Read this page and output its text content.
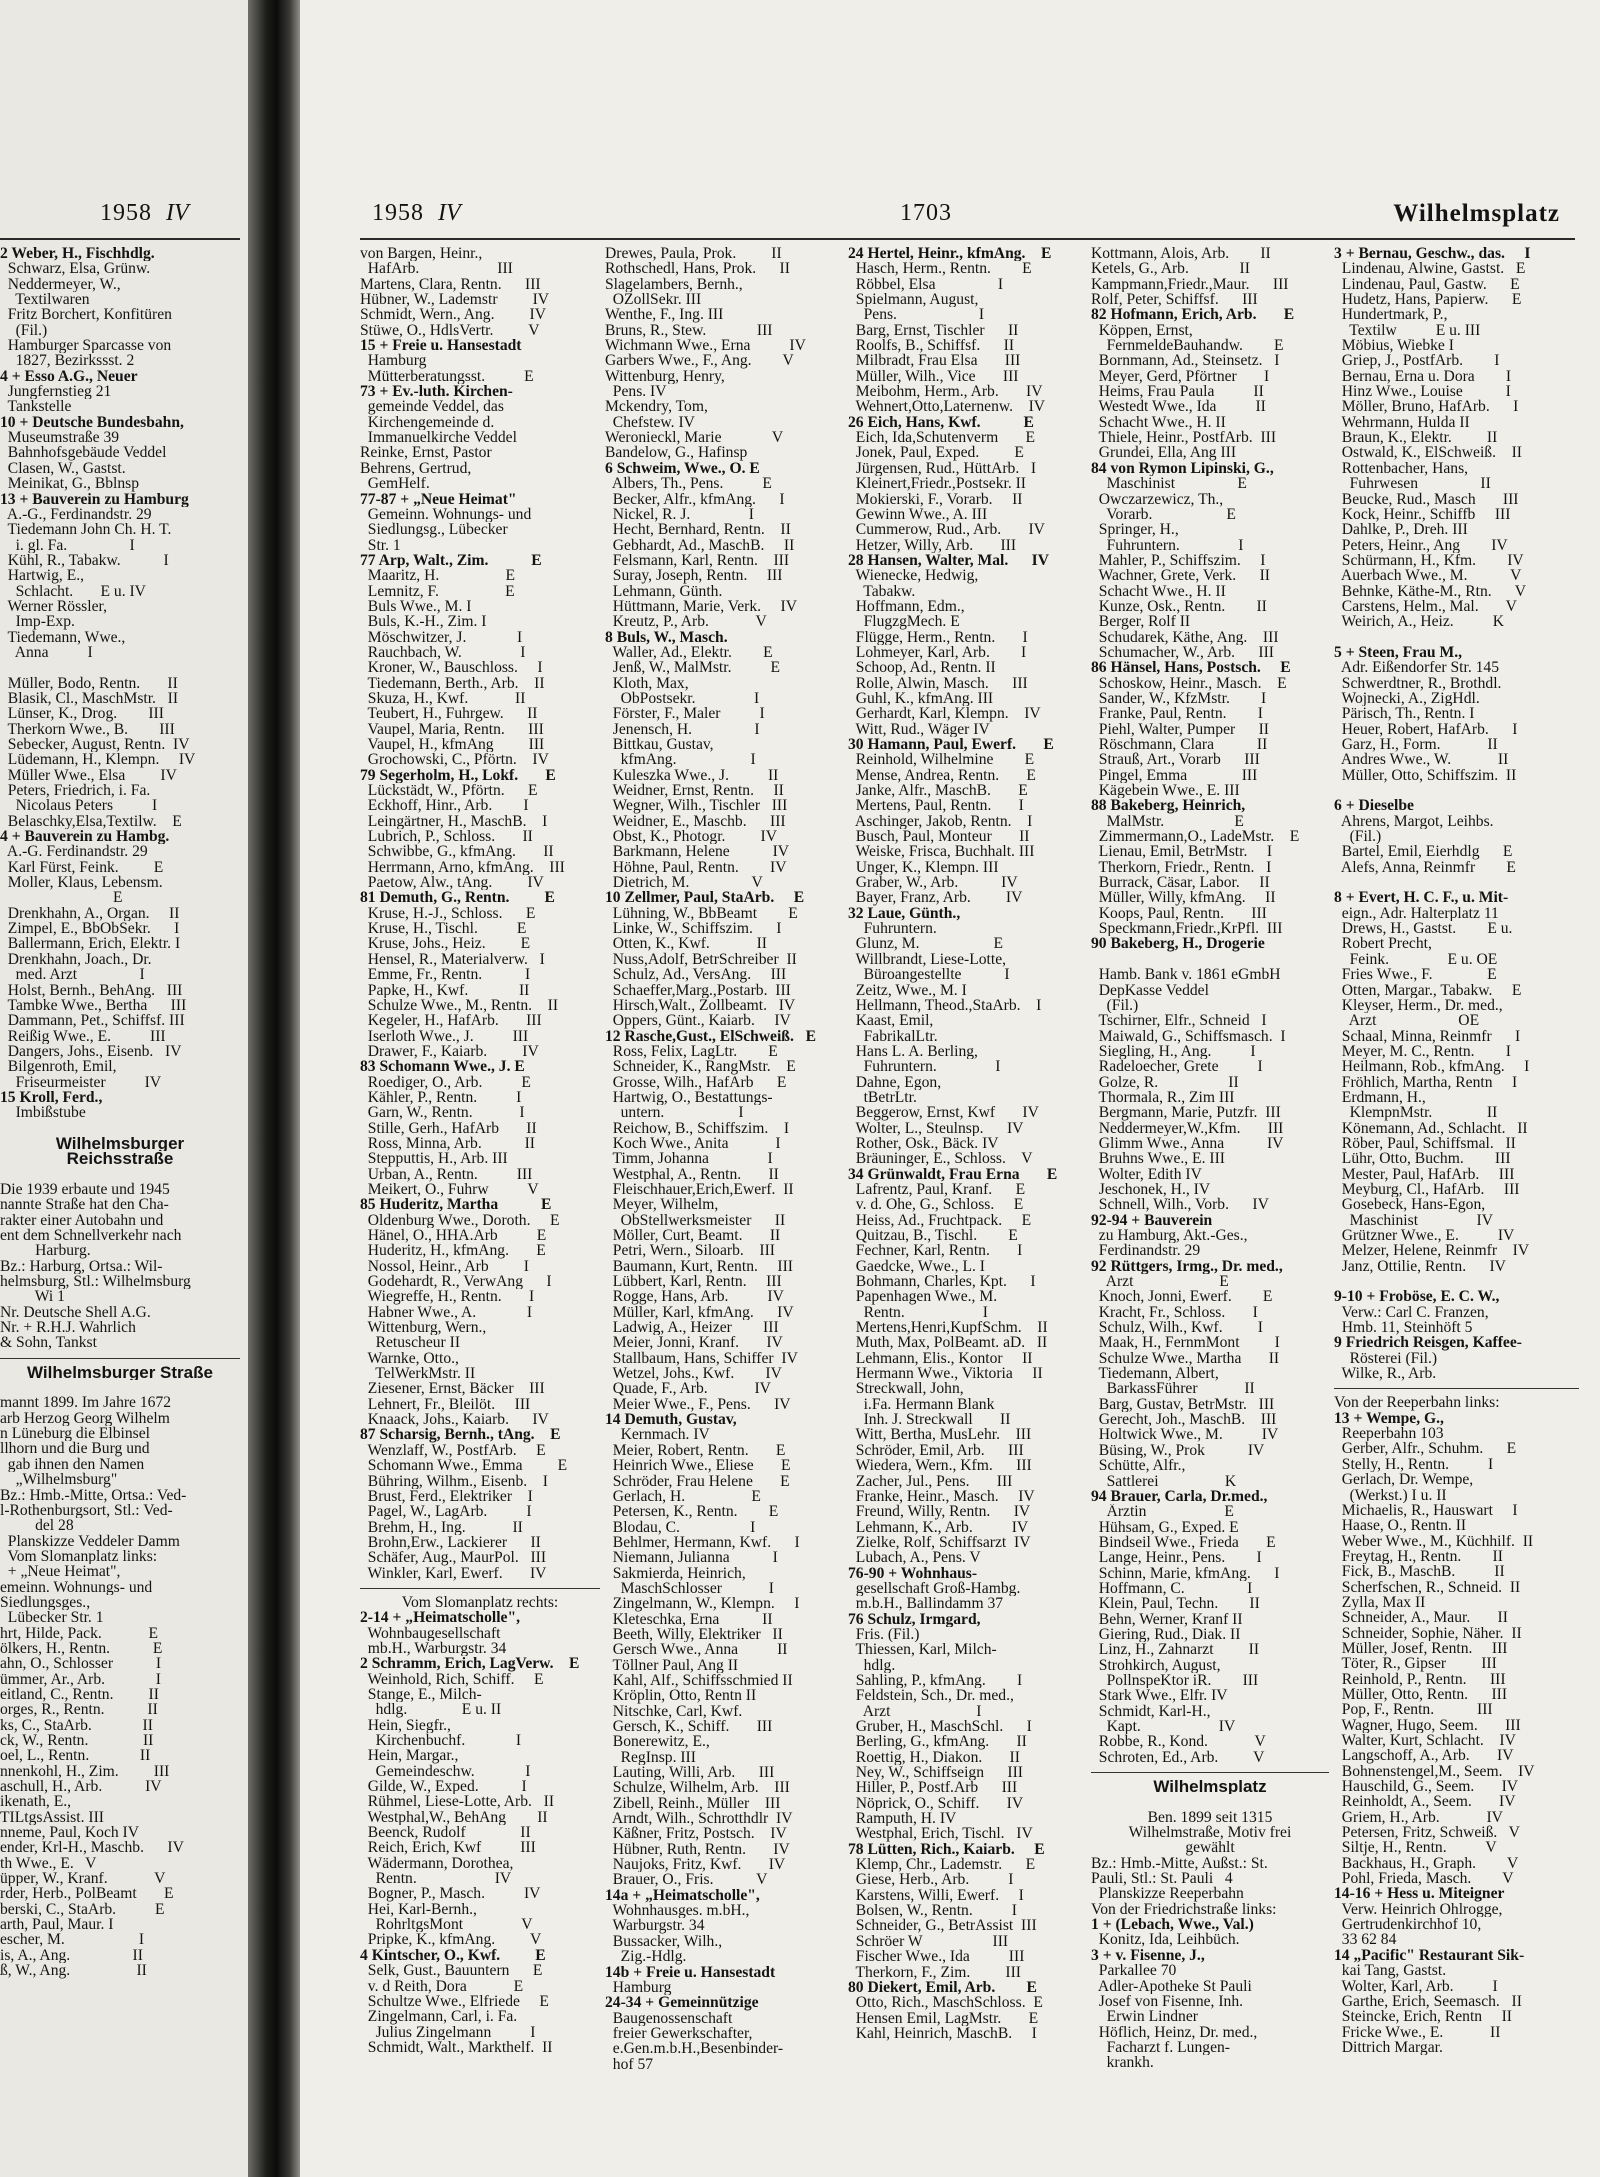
1958 IV
2 Weber, H., Fischhdlg.
Schwarz, Elsa, Grünw.
Neddermeyer, W.,
Textilwaren
Fritz Borchert, Konfitüren
(Fil.)
Hamburger Sparcasse von
1827, Bezirkssst. 2
4 + Esso A.G., Neuer
Jungfernstieg 21
Tankstelle
10 + Deutsche Bundesbahn,
Museumstraße 39
Bahnhofsgebäude Veddel
Clasen, W., Gastst.
Meinikat, G., Bblnsp
13 + Bauverein zu Hamburg
A.-G., Ferdinandstr. 29
Tiedemann John Ch. H. T.
i. gl. Fa.                I
Kühl, R., Tabakw.           I
Hartwig, E.,
Schlacht.       E u. IV
Werner Rössler,
Imp-Exp.
Tiedemann, Wwe.,
Anna          I
Müller, Bodo, Rentn.       II
Blasik, Cl., MaschMstr.   II
Lünser, K., Drog.        III
Therkorn Wwe., B.        III
Sebecker, August, Rentn.  IV
Lüdemann, H., Klempn.     IV
Müller Wwe., Elsa         IV
Peters, Friedrich, i. Fa.
Nicolaus Peters          I
Belaschky,Elsa,Textilw.    E
4 + Bauverein zu Hambg.
A.-G. Ferdinandstr. 29
Karl Fürst, Feink.         E
Moller, Klaus, Lebensm.
E
Drenkhahn, A., Organ.     II
Zimpel, E., BbObSekr.      I
Ballermann, Erich, Elektr. I
Drenkhahn, Joach., Dr.
med. Arzt                I
Holst, Bernh., BehAng.   III
Tambke Wwe., Bertha      III
Dammann, Pet., Schiffsf. III
Reißig Wwe., E.          III
Dangers, Johs., Eisenb.   IV
Bilgenroth, Emil,
Friseurmeister          IV
15 Kroll, Ferd.,
Imbißstube
Wilhelmsburger
Reichsstraße
Die 1939 erbaute und 1945
nannte Straße hat den Cha-
rakter einer Autobahn und
ent dem Schnellverkehr nach
Harburg.
Bz.: Harburg, Ortsa.: Wil-
helmsburg, Stl.: Wilhelmsburg
Wi 1
Nr. Deutsche Shell A.G.
Nr. + R.H.J. Wahrlich
& Sohn, Tankst
Wilhelmsburger Straße
mannt 1899. Im Jahre 1672
arb Herzog Georg Wilhelm
n Lüneburg die Elbinsel
llhorn und die Burg und
gab ihnen den Namen
„Wilhelmsburg"
Bz.: Hmb.-Mitte, Ortsa.: Ved-
l-Rothenburgsort, Stl.: Ved-
del 28
Planskizze Veddeler Damm
Vom Slomanplatz links:
+ „Neue Heimat",
emeinn. Wohnungs- und
Siedlungsges.,
Lübecker Str. 1
hrt, Hilde, Pack.            E
ölkers, H., Rentn.           E
ahn, O., Schlosser           I
ümmer, Ar., Arb.             I
eitland, C., Rentn.         II
orges, R., Rentn.           II
ks, C., StaArb.             II
ck, W., Rentn.              II
oel, L., Rentn.             II
nnenkohl, H., Zim.         III
aschull, H., Arb.           IV
ikenath, E.,
TILtgsAssist. III
nneme, Paul, Koch IV
ender, Krl-H., Maschb.      IV
th Wwe., E.   V
üpper, W., Kranf.            V
rder, Herb., PolBeamt       E
berski, C., StaArb.          E
arth, Paul, Maur. I
escher, M.                   I
is, A., Ang.                II
ß, W., Ang.                 II
1958 IV	1703	Wilhelmsplatz
von Bargen, Heinr.,
HafArb.                    III
Martens, Clara, Rentn.      III
Hübner, W., Lademstr         IV
Schmidt, Wern., Ang.         IV
Stüwe, O., HdlsVertr.         V
15 + Freie u. Hansestadt
Hamburg
Mütterberatungsst.          E
73 + Ev.-luth. Kirchen-
gemeinde Veddel, das
Kirchengemeinde d.
Immanuelkirche Veddel
Reinke, Ernst, Pastor
Behrens, Gertrud,
GemHelf.
77-87 + „Neue Heimat"
Gemeinn. Wohnungs- und
Siedlungsg., Lübecker
Str. 1
77 Arp, Walt., Zim.           E
Maaritz, H.                 E
Lemnitz, F.                 E
Buls Wwe., M. I
Buls, K.-H., Zim. I
Möschwitzer, J.             I
Rauchbach, W.               I
Kroner, W., Bauschloss.     I
Tiedemann, Berth., Arb.    II
Skuza, H., Kwf.            II
Teubert, H., Fuhrgew.      II
Vaupel, Maria, Rentn.      III
Vaupel, H., kfmAng         III
Grochowski, C., Pförtn.    IV
79 Segerholm, H., Lokf.       E
Lückstädt, W., Pförtn.      E
Eckhoff, Hinr., Arb.        I
Leingärtner, H., MaschB.    I
Lubrich, P., Schloss.       II
Schwibbe, G., kfmAng.       II
Herrmann, Arno, kfmAng.    III
Paetow, Alw., tAng.         IV
81 Demuth, G., Rentn.         E
Kruse, H.-J., Schloss.      E
Kruse, H., Tischl.          E
Kruse, Johs., Heiz.         E
Hensel, R., Materialverw.   I
Emme, Fr., Rentn.           I
Papke, H., Kwf.             II
Schulze Wwe., M., Rentn.    II
Kegeler, H., HafArb.       III
Iserloth Wwe., J.          III
Drawer, F., Kaiarb.         IV
83 Schomann Wwe., J. E
Roediger, O., Arb.          E
Kähler, P., Rentn.          I
Garn, W., Rentn.            I
Stille, Gerh., HafArb       II
Ross, Minna, Arb.           II
Stepputtis, H., Arb. III
Urban, A., Rentn.          III
Meikert, O., Fuhrw          V
85 Huderitz, Martha           E
Oldenburg Wwe., Doroth.     E
Hänel, O., HHA.Arb          E
Huderitz, H., kfmAng.       E
Nossol, Heinr., Arb         I
Godehardt, R., VerwAng      I
Wiegreffe, H., Rentn.       I
Habner Wwe., A.             I
Wittenburg, Wern.,
Retuscheur II
Warnke, Otto.,
TelWerkMstr. II
Ziesener, Ernst, Bäcker    III
Lehnert, Fr., Bleilöt.     III
Knaack, Johs., Kaiarb.      IV
87 Scharsig, Bernh., tAng.    E
Wenzlaff, W., PostfArb.     E
Schomann Wwe., Emma         E
Bühring, Wilhm., Eisenb.    I
Brust, Ferd., Elektriker    I
Pagel, W., LagArb.          I
Brehm, H., Ing.            II
Brohn,Erw., Lackierer      II
Schäfer, Aug., MaurPol.   III
Winkler, Karl, Ewerf.       IV
Vom Slomanplatz rechts:
2-14 + „Heimatscholle",
Wohnbaugesellschaft
mb.H., Warburgstr. 34
2 Schramm, Erich, LagVerw.    E
Weinhold, Rich, Schiff.     E
Stange, E., Milch-
hdlg.              E u. II
Hein, Siegfr.,
Kirchenbuchf.             I
Hein, Margar.,
Gemeindeschw.             I
Gilde, W., Exped.           I
Rühmel, Liese-Lotte, Arb.   II
Westphal,W., BehAng        II
Beenck, Rudolf              II
Reich, Erich, Kwf          III
Wädermann, Dorothea,
Rentn.                    IV
Bogner, P., Masch.          IV
Hei, Karl-Bernh.,
RohrltgsMont               V
Pripke, K., kfmAng.         V
4 Kintscher, O., Kwf.         E
Selk, Gust., Bauuntern      E
v. d Reith, Dora            E
Schultze Wwe., Elfriede     E
Zingelmann, Carl, i. Fa.
Julius Zingelmann          I
Schmidt, Walt., Markthelf.  II
Drewes, Paula, Prok.         II
Rothschedl, Hans, Prok.      II
Slagelambers, Bernh.,
OZollSekr. III
Wenthe, F., Ing. III
Bruns, R., Stew.             III
Wichmann Wwe., Erna          IV
Garbers Wwe., F., Ang.        V
Wittenburg, Henry,
Pens. IV
Mckendry, Tom,
Chefstew. IV
Weronieckl, Marie             V
Bandelow, G., Hafinsp
6 Schweim, Wwe., O. E
Albers, Th., Pens.          E
Becker, Alfr., kfmAng.      I
Nickel, R. J.               I
Hecht, Bernhard, Rentn.    II
Gebhardt, Ad., MaschB.     II
Felsmann, Karl, Rentn.    III
Suray, Joseph, Rentn.     III
Lehmann, Günth.
Hüttmann, Marie, Verk.     IV
Kreutz, P., Arb.            V
8 Buls, W., Masch.
Waller, Ad., Elektr.        E
Jenß, W., MalMstr.          E
Kloth, Max,
ObPostsekr.               I
Förster, F., Maler          I
Jenensch, H.                I
Bittkau, Gustav,
kfmAng.                   I
Kuleszka Wwe., J.          II
Weidner, Ernst, Rentn.     II
Wegner, Wilh., Tischler   III
Weidner, E., Maschb.      III
Obst, K., Photogr.         IV
Barkmann, Helene           IV
Höhne, Paul, Rentn.        IV
Dietrich, M.                V
10 Zellmer, Paul, StaArb.     E
Lühning, W., BbBeamt        E
Linke, W., Schiffszim.      I
Otten, K., Kwf.            II
Nuss,Adolf, BetrSchreiber  II
Schulz, Ad., VersAng.     III
Schaeffer,Marg.,Postarb.  III
Hirsch,Walt., Zollbeamt.   IV
Oppers, Günt., Kaiarb.     IV
12 Rasche,Gust., ElSchweiß.   E
Ross, Felix, LagLtr.        E
Schneider, K., RangMstr.    E
Grosse, Wilh., HafArb      E
Hartwig, O., Bestattungs-
untern.                   I
Reichow, B., Schiffszim.    I
Koch Wwe., Anita            I
Timm, Johanna               I
Westphal, A., Rentn.       II
Fleischhauer,Erich,Ewerf.  II
Meyer, Wilhelm,
ObStellwerksmeister      II
Möller, Curt, Beamt.       II
Petri, Wern., Siloarb.    III
Baumann, Kurt, Rentn.     III
Lübbert, Karl, Rentn.     III
Rogge, Hans, Arb.          IV
Müller, Karl, kfmAng.      IV
Ladwig, A., Heizer        III
Meier, Jonni, Kranf.       IV
Stallbaum, Hans, Schiffer  IV
Wetzel, Johs., Kwf.        IV
Quade, F., Arb.            IV
Meier Wwe., F., Pens.      IV
14 Demuth, Gustav,
Kernmach. IV
Meier, Robert, Rentn.       E
Heinrich Wwe., Eliese       E
Schröder, Frau Helene       E
Gerlach, H.                 E
Petersen, K., Rentn.        E
Blodau, C.                  I
Behlmer, Hermann, Kwf.      I
Niemann, Julianna           I
Sakmierda, Heinrich,
MaschSchlosser            I
Zingelmann, W., Klempn.     I
Kleteschka, Erna           II
Beeth, Willy, Elektriker   II
Gersch Wwe., Anna          II
Töllner Paul, Ang II
Kahl, Alf., Schiffsschmied II
Kröplin, Otto, Rentn II
Nitschke, Carl, Kwf.
Gersch, K., Schiff.       III
Bonerewitz, E.,
RegInsp. III
Lauting, Willi, Arb.      III
Schulze, Wilhelm, Arb.    III
Zibell, Reinh., Müller    III
Arndt, Wilh., Schrotthdlr  IV
Käßner, Fritz, Postsch.    IV
Hübner, Ruth, Rentn.       IV
Naujoks, Fritz, Kwf.       IV
Brauer, O., Fris.           V
14a + „Heimatscholle",
Wohnhausges. m.bH.,
Warburgstr. 34
Bussacker, Wilh.,
Zig.-Hdlg.
14b + Freie u. Hansestadt
Hamburg
24-34 + Gemeinnützige
Baugenossenschaft
freier Gewerkschafter,
e.Gen.m.b.H.,Besenbinder-
hof 57
24 Hertel, Heinr., kfmAng.    E
Hasch, Herm., Rentn.        E
Röbbel, Elsa                I
Spielmann, August,
Pens.                     I
Barg, Ernst, Tischler      II
Roolfs, B., Schiffsf.      II
Milbradt, Frau Elsa       III
Müller, Wilh., Vice       III
Meibohm, Herm., Arb.       IV
Wehnert,Otto,Laternenw.    IV
26 Eich, Hans, Kwf.           E
Eich, Ida,Schutenverm       E
Jonek, Paul, Exped.         E
Jürgensen, Rud., HüttArb.   I
Kleinert,Friedr.,Postsekr. II
Mokierski, F., Vorarb.     II
Gewinn Wwe., A. III
Cummerow, Rud., Arb.       IV
Hetzer, Willy, Arb.       III
28 Hansen, Walter, Mal.      IV
Wienecke, Hedwig,
Tabakw.
Hoffmann, Edm.,
FlugzgMech. E
Flügge, Herm., Rentn.       I
Lohmeyer, Karl, Arb.        I
Schoop, Ad., Rentn. II
Rolle, Alwin, Masch.      III
Guhl, K., kfmAng. III
Gerhardt, Karl, Klempn.    IV
Witt, Rud., Wäger IV
30 Hamann, Paul, Ewerf.       E
Reinhold, Wilhelmine        E
Mense, Andrea, Rentn.       E
Janke, Alfr., MaschB.       E
Mertens, Paul, Rentn.       I
Aschinger, Jakob, Rentn.    I
Busch, Paul, Monteur       II
Weiske, Frisca, Buchhalt. III
Unger, K., Klempn. III
Graber, W., Arb.           IV
Bayer, Franz, Arb.         IV
32 Laue, Günth.,
Fuhruntern.
Glunz, M.                   E
Willbrandt, Liese-Lotte,
Büroangestellte           I
Zeitz, Wwe., M. I
Hellmann, Theod.,StaArb.    I
Kaast, Emil,
FabrikalLtr.
Hans L. A. Berling,
Fuhruntern.               I
Dahne, Egon,
tBetrLtr.
Beggerow, Ernst, Kwf       IV
Wolter, L., Steulnsp.      IV
Rother, Osk., Bäck. IV
Bräuninger, E., Schloss.    V
34 Grünwaldt, Frau Erna       E
Lafrentz, Paul, Kranf.      E
v. d. Ohe, G., Schloss.     E
Heiss, Ad., Fruchtpack.     E
Quitzau, B., Tischl.        E
Fechner, Karl, Rentn.       I
Gaedcke, Wwe., L. I
Bohmann, Charles, Kpt.      I
Papenhagen Wwe., M.
Rentn.                    I
Mertens,Henri,KupfSchm.    II
Muth, Max, PolBeamt. aD.   II
Lehmann, Elis., Kontor     II
Hermann Wwe., Viktoria     II
Streckwall, John,
i.Fa. Hermann Blank
Inh. J. Streckwall       II
Witt, Bertha, MusLehr.    III
Schröder, Emil, Arb.      III
Wiedera, Wern., Kfm.      III
Zacher, Jul., Pens.       III
Franke, Heinr., Masch.     IV
Freund, Willy, Rentn.      IV
Lehmann, K., Arb.          IV
Zielke, Rolf, Schiffsarzt  IV
Lubach, A., Pens. V
76-90 + Wohnhaus-
gesellschaft Groß-Hambg.
m.b.H., Ballindamm 37
76 Schulz, Irmgard,
Fris. (Fil.)
Thiessen, Karl, Milch-
hdlg.
Sahling, P., kfmAng.        I
Feldstein, Sch., Dr. med.,
Arzt                      I
Gruber, H., MaschSchl.      I
Berling, G., kfmAng.       II
Roettig, H., Diakon.       II
Ney, W., Schiffseign      III
Hiller, P., Postf.Arb      III
Nöprick, O., Schiff.       IV
Ramputh, H. IV
Westphal, Erich, Tischl.   IV
78 Lütten, Rich., Kaiarb.     E
Klemp, Chr., Lademstr.      E
Giese, Herb., Arb.          I
Karstens, Willi, Ewerf.     I
Bolsen, W., Rentn.          I
Schneider, G., BetrAssist  III
Schröer W                  III
Fischer Wwe., Ida          III
Therkorn, F., Zim.         III
80 Diekert, Emil, Arb.        E
Otto, Rich., MaschSchloss.  E
Hensen Emil, LagMstr.       E
Kahl, Heinrich, MaschB.     I
Kottmann, Alois, Arb.        II
Ketels, G., Arb.             II
Kampmann,Friedr.,Maur.      III
Rolf, Peter, Schiffsf.      III
82 Hofmann, Erich, Arb.       E
Köppen, Ernst,
FernmeldeBauhandw.        E
Bornmann, Ad., Steinsetz.   I
Meyer, Gerd, Pförtner       I
Heims, Frau Paula          II
Westedt Wwe., Ida          II
Schacht Wwe., H. II
Thiele, Heinr., PostfArb.  III
Grundei, Ella, Ang III
84 von Rymon Lipinski, G.,
Maschinist                E
Owczarzewicz, Th.,
Vorarb.                   E
Springer, H.,
Fuhruntern.               I
Mahler, P., Schiffszim.     I
Wachner, Grete, Verk.      II
Schacht Wwe., H. II
Kunze, Osk., Rentn.        II
Berger, Rolf II
Schudarek, Käthe, Ang.    III
Schumacher, W., Arb.      III
86 Hänsel, Hans, Postsch.     E
Schoskow, Heinr., Masch.    E
Sander, W., KfzMstr.        I
Franke, Paul, Rentn.        I
Piehl, Walter, Pumper      II
Röschmann, Clara           II
Strauß, Art., Vorarb      III
Pingel, Emma              III
Kägebein Wwe., E. III
88 Bakeberg, Heinrich,
MalMstr.                  E
Zimmermann,O., LadeMstr.    E
Lienau, Emil, BetrMstr.     I
Therkorn, Friedr., Rentn.   I
Burrack, Cäsar, Labor.     II
Müller, Willy, kfmAng.     II
Koops, Paul, Rentn.       III
Speckmann,Friedr.,KrPfl.  III
90 Bakeberg, H., Drogerie
Hamb. Bank v. 1861 eGmbH
DepKasse Veddel
(Fil.)
Tschirner, Elfr., Schneid   I
Maiwald, G., Schiffsmasch.  I
Siegling, H., Ang.          I
Radeloecher, Grete          I
Golze, R.                  II
Thormala, R., Zim III
Bergmann, Marie, Putzfr.  III
Neddermeyer,W.,Kfm.       III
Glimm Wwe., Anna           IV
Bruhns Wwe., E. III
Wolter, Edith IV
Jeschonek, H., IV
Schnell, Wilh., Vorb.      IV
92-94 + Bauverein
zu Hamburg, Akt.-Ges.,
Ferdinandstr. 29
92 Rüttgers, Irmg., Dr. med.,
Arzt                      E
Knoch, Jonni, Ewerf.        E
Kracht, Fr., Schloss.       I
Schulz, Wilh., Kwf.         I
Maak, H., FernmMont         I
Schulze Wwe., Martha       II
Tiedemann, Albert,
BarkassFührer            II
Barg, Gustav, BetrMstr.   III
Gerecht, Joh., MaschB.    III
Holtwick Wwe., M.          IV
Büsing, W., Prok           IV
Schütte, Alfr.,
Sattlerei                 K
94 Brauer, Carla, Dr.med.,
Ärztin                    E
Hühsam, G., Exped. E
Bindseil Wwe., Frieda       E
Lange, Heinr., Pens.        I
Schinn, Marie, kfmAng.      I
Hoffmann, C.                I
Klein, Paul, Techn.        II
Behn, Werner, Kranf II
Giering, Rud., Diak. II
Linz, H., Zahnarzt         II
Strohkirch, August,
PollnspeKtor iR.        III
Stark Wwe., Elfr. IV
Schmidt, Karl-H.,
Kapt.                    IV
Robbe, R., Kond.            V
Schroten, Ed., Arb.         V
Wilhelmsplatz
Ben. 1899 seit 1315
Wilhelmstraße, Motiv frei
gewählt
Bz.: Hmb.-Mitte, Außst.: St.
Pauli, Stl.: St. Pauli   4
Planskizze Reeperbahn
Von der Friedrichstraße links:
1 + (Lebach, Wwe., Val.)
Konitz, Ida, Leihbüch.
3 + v. Fisenne, J.,
Parkallee 70
Adler-Apotheke St Pauli
Josef von Fisenne, Inh.
Erwin Lindner
Höflich, Heinz, Dr. med.,
Facharzt f. Lungen-
krankh.
3 + Bernau, Geschw., das.     I
Lindenau, Alwine, Gastst.   E
Lindenau, Paul, Gastw.      E
Hudetz, Hans, Papierw.      E
Hundertmark, P.,
Textilw          E u. III
Möbius, Wiebke I
Griep, J., PostfArb.        I
Bernau, Erna u. Dora        I
Hinz Wwe., Louise           I
Möller, Bruno, HafArb.      I
Wehrmann, Hulda II
Braun, K., Elektr.         II
Ostwald, K., ElSchweiß.    II
Rottenbacher, Hans,
Fuhrwesen                II
Beucke, Rud., Masch       III
Kock, Heinr., Schiffb     III
Dahlke, P., Dreh. III
Peters, Heinr., Ang        IV
Schürmann, H., Kfm.        IV
Auerbach Wwe., M.           V
Behnke, Käthe-M., Rtn.      V
Carstens, Helm., Mal.       V
Weirich, A., Heiz.          K
5 + Steen, Frau M.,
Adr. Eißendorfer Str. 145
Schwerdtner, R., Brothdl.
Wojnecki, A., ZigHdl.
Pärisch, Th., Rentn. I
Heuer, Robert, HafArb.      I
Garz, H., Form.            II
Andres Wwe., W.            II
Müller, Otto, Schiffszim.  II
6 + Dieselbe
Ahrens, Margot, Leihbs.
(Fil.)
Bartel, Emil, Eierhdlg      E
Alefs, Anna, Reinmfr        E
8 + Evert, H. C. F., u. Mit-
eign., Adr. Halterplatz 11
Drews, H., Gastst.        E u.
Robert Precht,
Feink.               E u. OE
Fries Wwe., F.              E
Otten, Margar., Tabakw.     E
Kleyser, Herm., Dr. med.,
Arzt                     OE
Schaal, Minna, Reinmfr      I
Meyer, M. C., Rentn.        I
Heilmann, Rob., kfmAng.     I
Fröhlich, Martha, Rentn     I
Erdmann, H.,
KlempnMstr.              II
Könemann, Ad., Schlacht.   II
Röber, Paul, Schiffsmal.   II
Lühr, Otto, Buchm.        III
Mester, Paul, HafArb.     III
Meyburg, Cl., HafArb.     III
Gosebeck, Hans-Egon,
Maschinist               IV
Grützner Wwe., E.          IV
Melzer, Helene, Reinmfr    IV
Janz, Ottilie, Rentn.      IV
9-10 + Froböse, E. C. W.,
Verw.: Carl C. Franzen,
Hmb. 11, Steinhöft 5
9 Friedrich Reisgen, Kaffee-
Rösterei (Fil.)
Wilke, R., Arb.
Von der Reeperbahn links:
13 + Wempe, G.,
Reeperbahn 103
Gerber, Alfr., Schuhm.      E
Stelly, H., Rentn.          I
Gerlach, Dr. Wempe,
(Werkst.) I u. II
Michaelis, R., Hauswart     I
Haase, O., Rentn. II
Weber Wwe., M., Küchhilf.  II
Freytag, H., Rentn.        II
Fick, B., MaschB.          II
Scherfschen, R., Schneid.  II
Zylla, Max II
Schneider, A., Maur.       II
Schneider, Sophie, Näher.  II
Müller, Josef, Rentn.     III
Töter, R., Gipser         III
Reinhold, P., Rentn.      III
Müller, Otto, Rentn.      III
Pop, F., Rentn.           III
Wagner, Hugo, Seem.       III
Walter, Kurt, Schlacht.    IV
Langschoff, A., Arb.       IV
Bohnenstengel,M., Seem.    IV
Hauschild, G., Seem.       IV
Reinholdt, A., Seem.       IV
Griem, H., Arb.            IV
Petersen, Fritz, Schweiß.   V
Siltje, H., Rentn.          V
Backhaus, H., Graph.        V
Pohl, Frieda, Masch.        V
14-16 + Hess u. Miteigner
Verw. Heinrich Ohlrogge,
Gertrudenkirchhof 10,
33 62 84
14 „Pacific" Restaurant Sik-
kai Tang, Gastst.
Wolter, Karl, Arb.          I
Garthe, Erich, Seemasch.   II
Steincke, Erich, Rentn     II
Fricke Wwe., E.            II
Dittrich Margar.
